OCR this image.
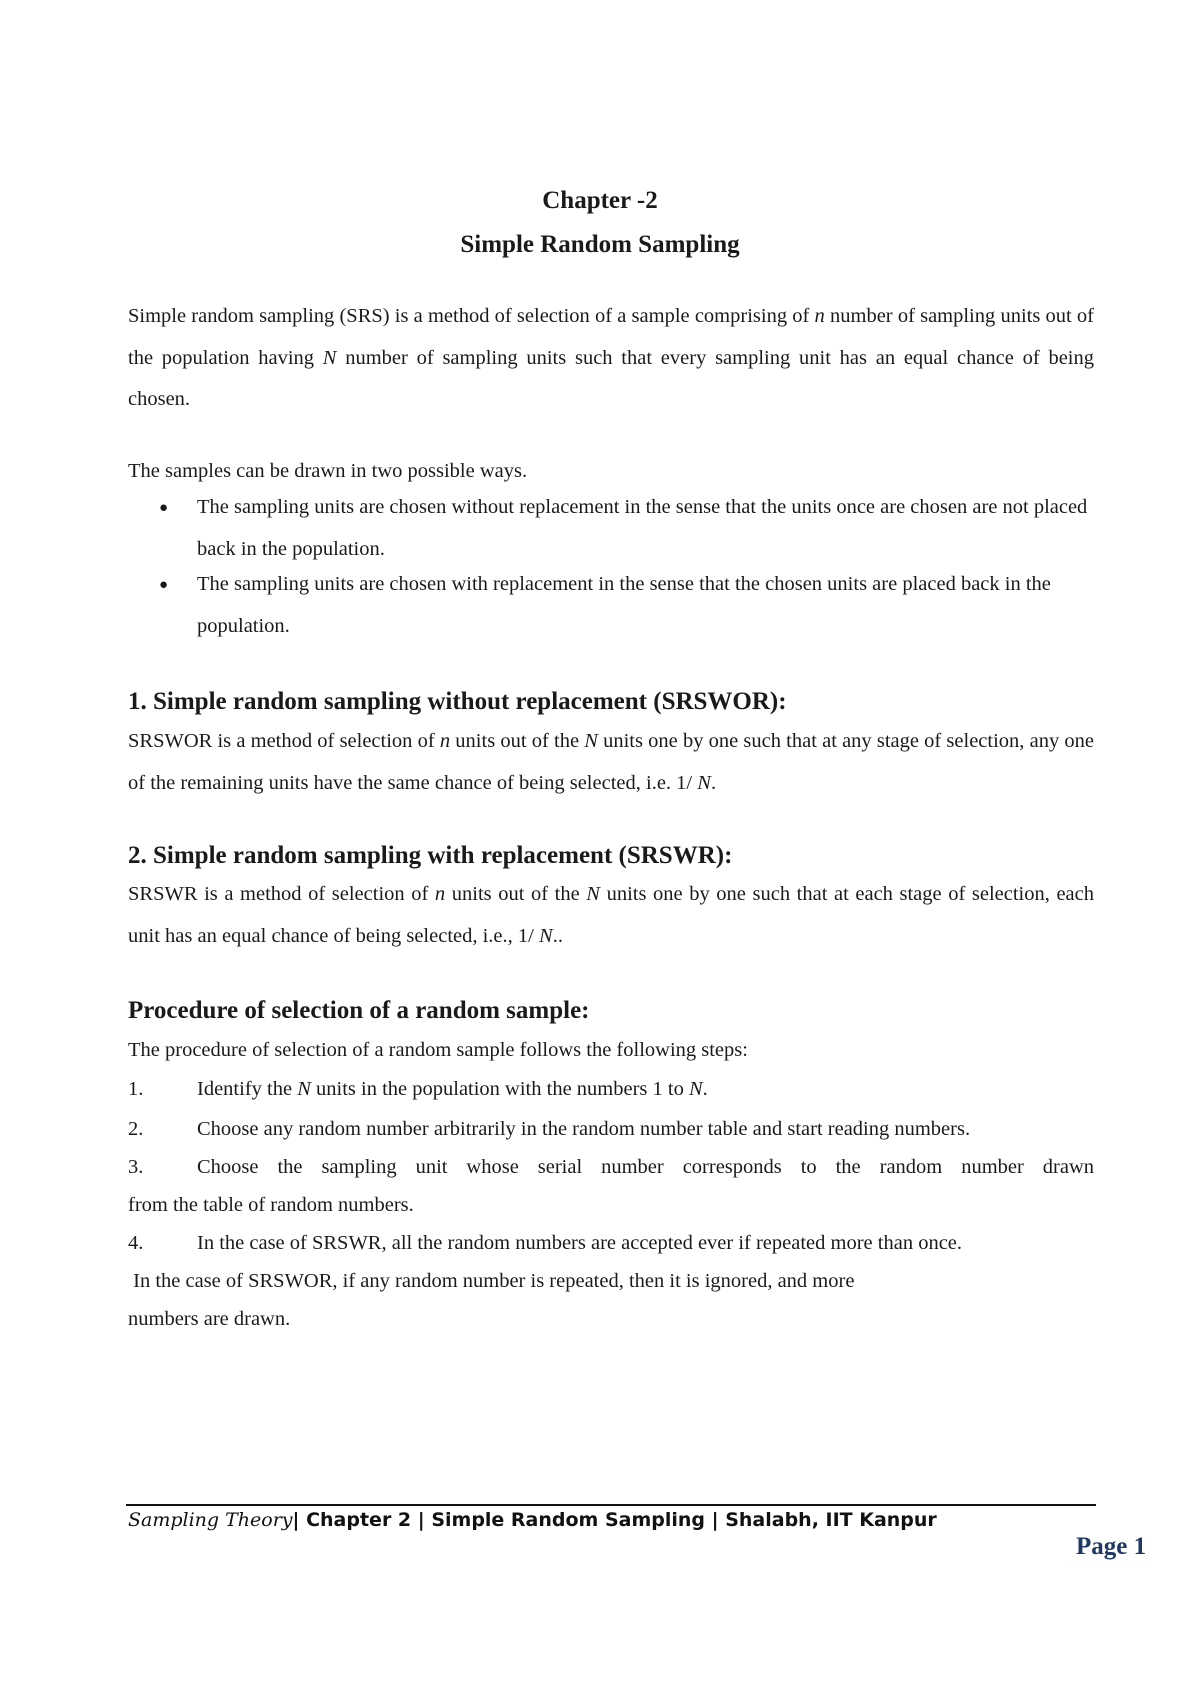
Chapter -2
Simple Random Sampling

Simple random sampling (SRS) is a method of selection of a sample comprising of n number of sampling units out of the population having N number of sampling units such that every sampling unit has an equal chance of being chosen.

The samples can be drawn in two possible ways.
● The sampling units are chosen without replacement in the sense that the units once are chosen are not placed back in the population.

● The sampling units are chosen with replacement in the sense that the chosen units are placed back in the population.

1. Simple random sampling without replacement (SRSWOR):

SRSWOR is a method of selection of n units out of the N units one by one such that at any stage of selection, any one of the remaining units have the same chance of being selected, i.e. 1/ N.

2. Simple random sampling with replacement (SRSWR):

SRSWR is a method of selection of n units out of the N units one by one such that at each stage of selection, each unit has an equal chance of being selected, i.e., 1/ N..

Procedure of selection of a random sample:
The procedure of selection of a random sample follows the following steps:
1.	Identify the N units in the population with the numbers 1 to N.
2.	Choose any random number arbitrarily in the random number table and start reading numbers.
3.	Choose the sampling unit whose serial number corresponds to the random number drawn
from the table of random numbers.
4.	In the case of SRSWR, all the random numbers are accepted ever if repeated more than once.
In the case of SRSWOR, if any random number is repeated, then it is ignored, and more
numbers are drawn.
Sampling Theory| Chapter 2 | Simple Random Sampling | Shalabh, IIT Kanpur
Page 1
